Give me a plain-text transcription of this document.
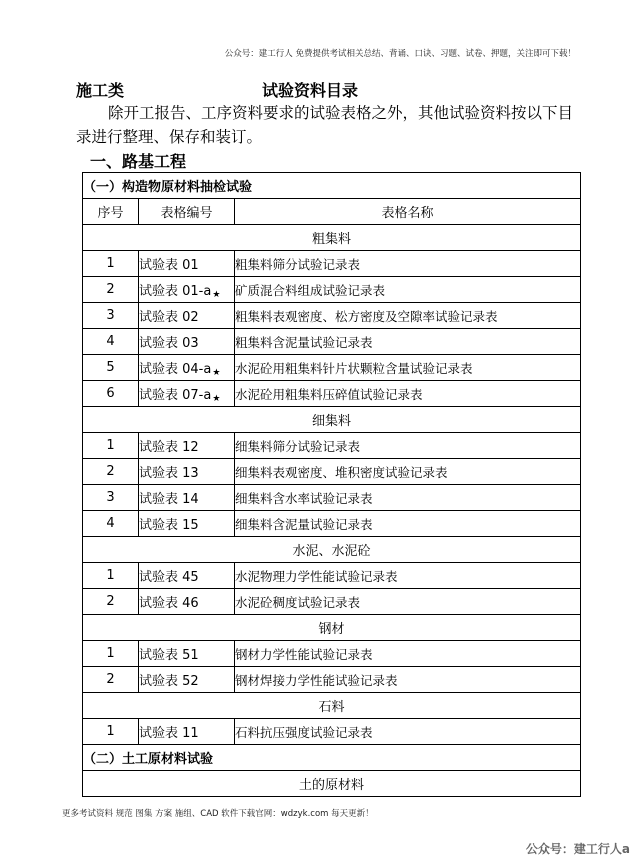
公众号：建工行人 免费提供考试相关总结、背诵、口诀、习题、试卷、押题，关注即可下载！
施工类	试验资料目录

除开工报告、工序资料要求的试验表格之外，其他试验资料按以下目录进行整理、保存和装订。

一、路基工程
（一）构造物原材料抽检试验		
序号	表格编号	表格名称
粗集料		
1	试验表 01	粗集料筛分试验记录表
2	试验表 01-a★	矿质混合料组成试验记录表
3	试验表 02	粗集料表观密度、松方密度及空隙率试验记录表
4	试验表 03	粗集料含泥量试验记录表
5	试验表 04-a★	水泥砼用粗集料针片状颗粒含量试验记录表
6	试验表 07-a★	水泥砼用粗集料压碎值试验记录表
细集料		
1	试验表 12	细集料筛分试验记录表
2	试验表 13	细集料表观密度、堆积密度试验记录表
3	试验表 14	细集料含水率试验记录表
4	试验表 15	细集料含泥量试验记录表
水泥、水泥砼		
1	试验表 45	水泥物理力学性能试验记录表
2	试验表 46	水泥砼稠度试验记录表
钢材		
1	试验表 51	钢材力学性能试验记录表
2	试验表 52	钢材焊接力学性能试验记录表
石料		
1	试验表 11	石料抗压强度试验记录表
（二）土工原材料试验		
土的原材料		
更多考试资料 规范 图集 方案 施组、CAD 软件下载官网：wdzyk.com 每天更新！
公众号：建工行人a
